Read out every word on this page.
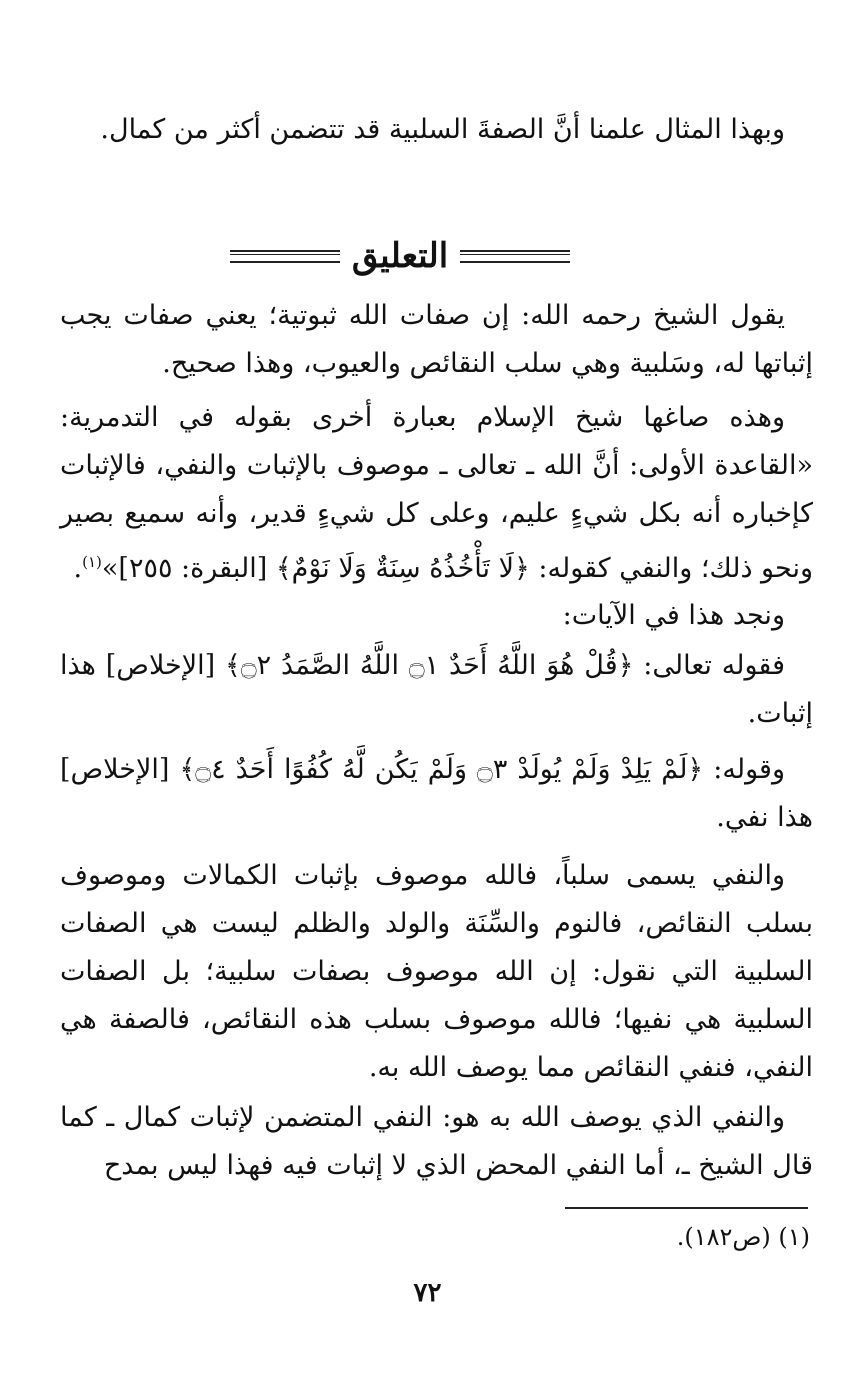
وبهذا المثال علمنا أنَّ الصفةَ السلبية قد تتضمن أكثر من كمال.

التعليق

يقول الشيخ رحمه الله: إن صفات الله ثبوتية؛ يعني صفات يجب إثباتها له، وسَلبية وهي سلب النقائص والعيوب، وهذا صحيح.

وهذه صاغها شيخ الإسلام بعبارة أخرى بقوله في التدمرية: «القاعدة الأولى: أنَّ الله ـ تعالى ـ موصوف بالإثبات والنفي، فالإثبات كإخباره أنه بكل شيءٍ عليم، وعلى كل شيءٍ قدير، وأنه سميع بصير ونحو ذلك؛ والنفي كقوله: ﴿لَا تَأْخُذُهُ سِنَةٌ وَلَا نَوْمٌ﴾ [البقرة: ٢٥٥]»$^{(١)}$.

ونجد هذا في الآيات:

فقوله تعالى: ﴿قُلْ هُوَ اللَّهُ أَحَدٌ ۝١ اللَّهُ الصَّمَدُ ۝٢﴾ [الإخلاص] هذا إثبات.

وقوله: ﴿لَمْ يَلِدْ وَلَمْ يُولَدْ ۝٣ وَلَمْ يَكُن لَّهُ كُفُوًا أَحَدٌ ۝٤﴾ [الإخلاص] هذا نفي.

والنفي يسمى سلباً، فالله موصوف بإثبات الكمالات وموصوف بسلب النقائص، فالنوم والسِّنَة والولد والظلم ليست هي الصفات السلبية التي نقول: إن الله موصوف بصفات سلبية؛ بل الصفات السلبية هي نفيها؛ فالله موصوف بسلب هذه النقائص، فالصفة هي النفي، فنفي النقائص مما يوصف الله به.

والنفي الذي يوصف الله به هو: النفي المتضمن لإثبات كمال ـ كما قال الشيخ ـ، أما النفي المحض الذي لا إثبات فيه فهذا ليس بمدح

(١) (ص١٨٢).
٧٢
